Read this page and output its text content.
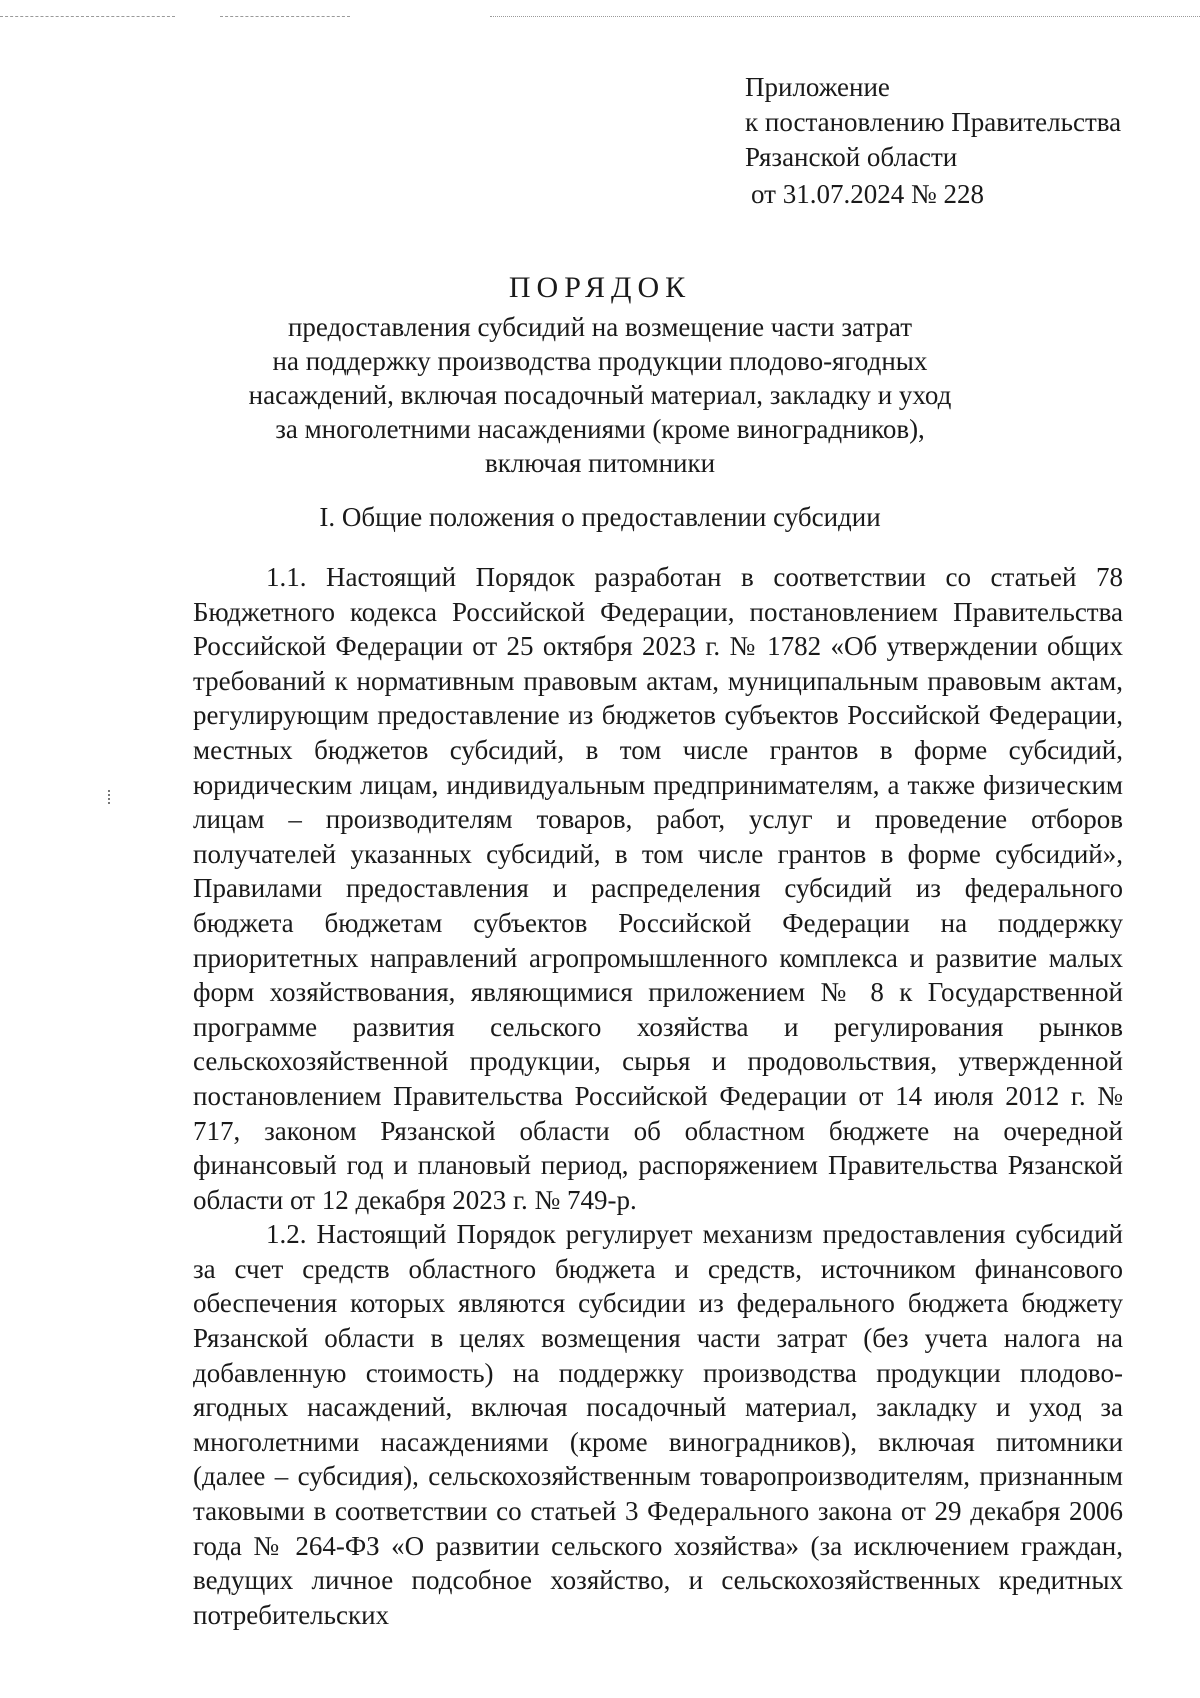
Приложение
к постановлению Правительства
Рязанской области
от 31.07.2024 № 228
ПОРЯДОК
предоставления субсидий на возмещение части затрат
на поддержку производства продукции плодово-ягодных
насаждений, включая посадочный материал, закладку и уход
за многолетними насаждениями (кроме виноградников),
включая питомники
I. Общие положения о предоставлении субсидии

1.1. Настоящий Порядок разработан в соответствии со статьей 78 Бюджетного кодекса Российской Федерации, постановлением Правительства Российской Федерации от 25 октября 2023 г. № 1782 «Об утверждении общих требований к нормативным правовым актам, муниципальным правовым актам, регулирующим предоставление из бюджетов субъектов Российской Федерации, местных бюджетов субсидий, в том числе грантов в форме субсидий, юридическим лицам, индивидуальным предпринимателям, а также физическим лицам – производителям товаров, работ, услуг и проведение отборов получателей указанных субсидий, в том числе грантов в форме субсидий», Правилами предоставления и распределения субсидий из федерального бюджета бюджетам субъектов Российской Федерации на поддержку приоритетных направлений агропромышленного комплекса и развитие малых форм хозяйствования, являющимися приложением № 8 к Государственной программе развития сельского хозяйства и регулирования рынков сельскохозяйственной продукции, сырья и продовольствия, утвержденной постановлением Правительства Российской Федерации от 14 июля 2012 г. № 717, законом Рязанской области об областном бюджете на очередной финансовый год и плановый период, распоряжением Правительства Рязанской области от 12 декабря 2023 г. № 749-р.

1.2. Настоящий Порядок регулирует механизм предоставления субсидий за счет средств областного бюджета и средств, источником финансового обеспечения которых являются субсидии из федерального бюджета бюджету Рязанской области в целях возмещения части затрат (без учета налога на добавленную стоимость) на поддержку производства продукции плодово-ягодных насаждений, включая посадочный материал, закладку и уход за многолетними насаждениями (кроме виноградников), включая питомники (далее – субсидия), сельскохозяйственным товаропроизводителям, признанным таковыми в соответствии со статьей 3 Федерального закона от 29 декабря 2006 года № 264-ФЗ «О развитии сельского хозяйства» (за исключением граждан, ведущих личное подсобное хозяйство, и сельскохозяйственных кредитных потребительских
